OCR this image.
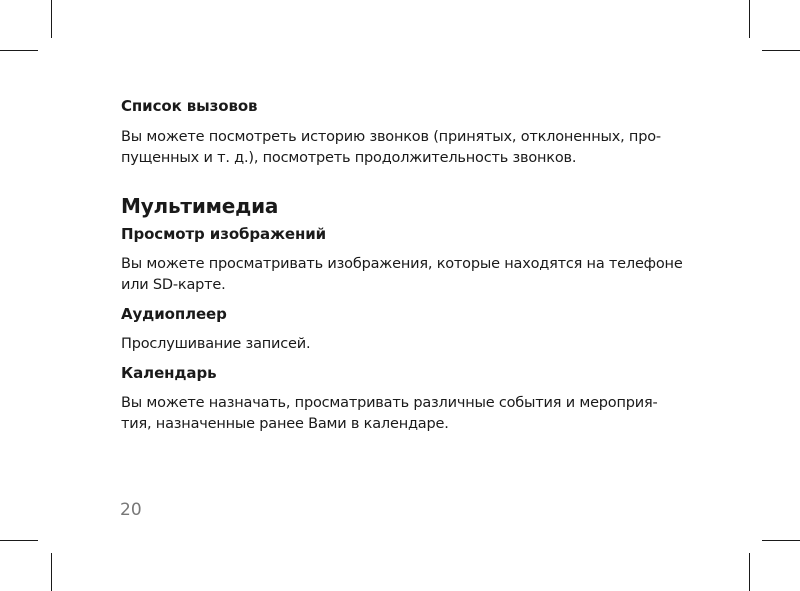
Список вызовов

Вы можете посмотреть историю звонков (принятых, отклоненных, про-

пущенных и т. д.), посмотреть продолжительность звонков.

Мультимедиа

Просмотр изображений

Вы можете просматривать изображения, которые находятся на телефоне

или SD-карте.

Аудиоплеер

Прослушивание записей.

Календарь

Вы можете назначать, просматривать различные события и мероприя-

тия, назначенные ранее Вами в календаре.

20
